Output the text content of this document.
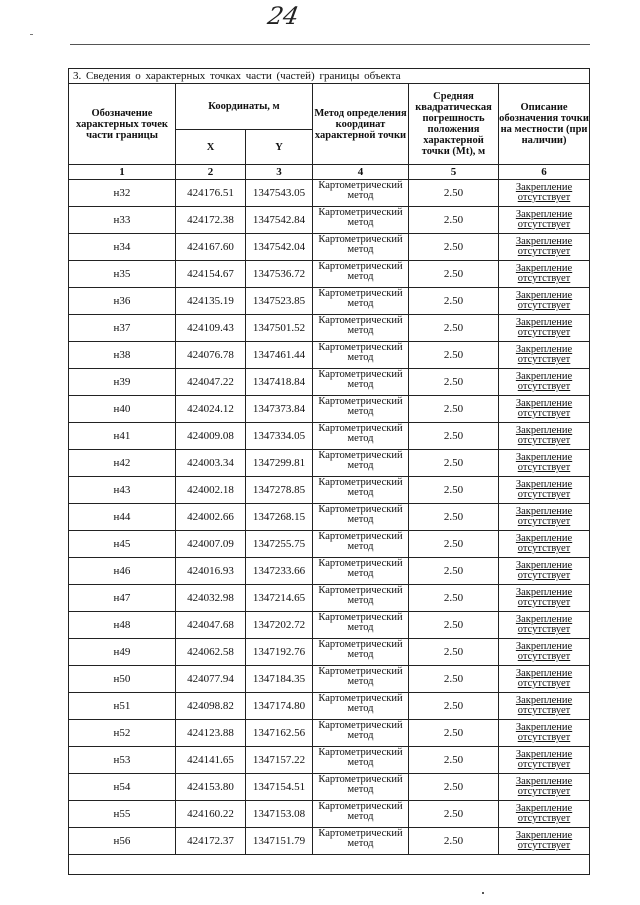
24
3. Сведения о характерных точках части (частей) границы объекта					
Обозначение характерных точек части границы	Координаты, м		Метод определения координат характерной точки	Средняя квадратическая погрешность положения характерной точки (Mt), м	Описание обозначения точки на местности (при наличии)
	X	Y			
1	2	3	4	5	6
н32	424176.51	1347543.05	Картометрический метод	2.50	Закрепление отсутствует
н33	424172.38	1347542.84	Картометрический метод	2.50	Закрепление отсутствует
н34	424167.60	1347542.04	Картометрический метод	2.50	Закрепление отсутствует
н35	424154.67	1347536.72	Картометрический метод	2.50	Закрепление отсутствует
н36	424135.19	1347523.85	Картометрический метод	2.50	Закрепление отсутствует
н37	424109.43	1347501.52	Картометрический метод	2.50	Закрепление отсутствует
н38	424076.78	1347461.44	Картометрический метод	2.50	Закрепление отсутствует
н39	424047.22	1347418.84	Картометрический метод	2.50	Закрепление отсутствует
н40	424024.12	1347373.84	Картометрический метод	2.50	Закрепление отсутствует
н41	424009.08	1347334.05	Картометрический метод	2.50	Закрепление отсутствует
н42	424003.34	1347299.81	Картометрический метод	2.50	Закрепление отсутствует
н43	424002.18	1347278.85	Картометрический метод	2.50	Закрепление отсутствует
н44	424002.66	1347268.15	Картометрический метод	2.50	Закрепление отсутствует
н45	424007.09	1347255.75	Картометрический метод	2.50	Закрепление отсутствует
н46	424016.93	1347233.66	Картометрический метод	2.50	Закрепление отсутствует
н47	424032.98	1347214.65	Картометрический метод	2.50	Закрепление отсутствует
н48	424047.68	1347202.72	Картометрический метод	2.50	Закрепление отсутствует
н49	424062.58	1347192.76	Картометрический метод	2.50	Закрепление отсутствует
н50	424077.94	1347184.35	Картометрический метод	2.50	Закрепление отсутствует
н51	424098.82	1347174.80	Картометрический метод	2.50	Закрепление отсутствует
н52	424123.88	1347162.56	Картометрический метод	2.50	Закрепление отсутствует
н53	424141.65	1347157.22	Картометрический метод	2.50	Закрепление отсутствует
н54	424153.80	1347154.51	Картометрический метод	2.50	Закрепление отсутствует
н55	424160.22	1347153.08	Картометрический метод	2.50	Закрепление отсутствует
н56	424172.37	1347151.79	Картометрический метод	2.50	Закрепление отсутствует
